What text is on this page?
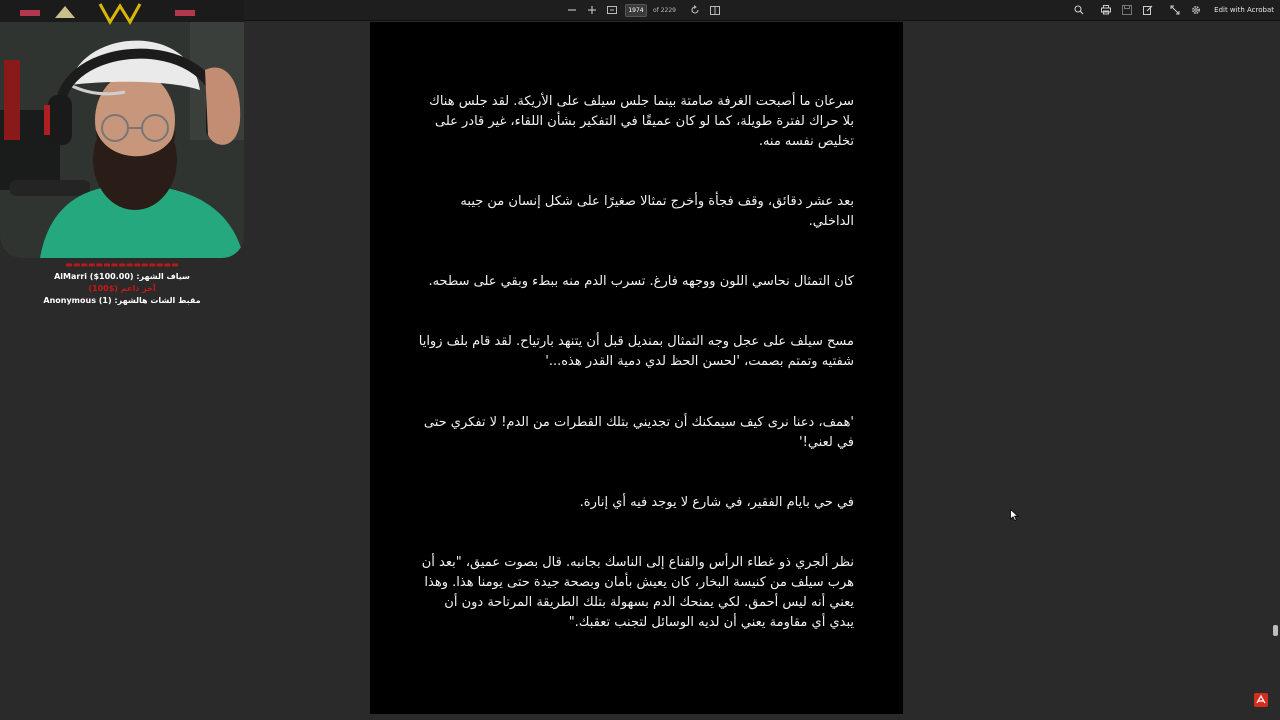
1974	of 2229	Edit with Acrobat
سرعان ما أصبحت الغرفة صامتة بينما جلس سيلف على الأريكة. لقد جلس هناك بلا حراك لفترة طويلة، كما لو كان عميقًا في التفكير بشأن اللقاء، غير قادر على تخليص نفسه منه.
بعد عشر دقائق، وقف فجأة وأخرج تمثالا صغيرًا على شكل إنسان من جيبه الداخلي.
كان التمثال نحاسي اللون ووجهه فارغ. تسرب الدم منه ببطء وبقي على سطحه.
مسح سيلف على عجل وجه التمثال بمنديل قبل أن يتنهد بارتياح. لقد قام بلف زوايا شفتيه وتمتم بصمت، 'لحسن الحظ لدي دمية القدر هذه...'
'همف، دعنا نرى كيف سيمكنك أن تجديني بتلك القطرات من الدم! لا تفكري حتى في لعني!'
في حي بايام الفقير، في شارع لا يوجد فيه أي إنارة.
نظر ألجري ذو غطاء الرأس والقناع إلى الناسك بجانبه. قال بصوت عميق، "بعد أن هرب سيلف من كنيسة البخار، كان يعيش بأمان وبصحة جيدة حتى يومنا هذا. وهذا يعني أنه ليس أحمق. لكي يمنحك الدم بسهولة بتلك الطريقة المرتاحة دون أن يبدي أي مقاومة يعني أن لديه الوسائل لتجنب تعقبك."
▬▬▬▬▬▬▬▬▬▬▬▬▬▬▬
AlMarri ($100.00) :سياف الشهر
آخر داعم ($100)
Anonymous (1) :مقبط الشات هالشهر
